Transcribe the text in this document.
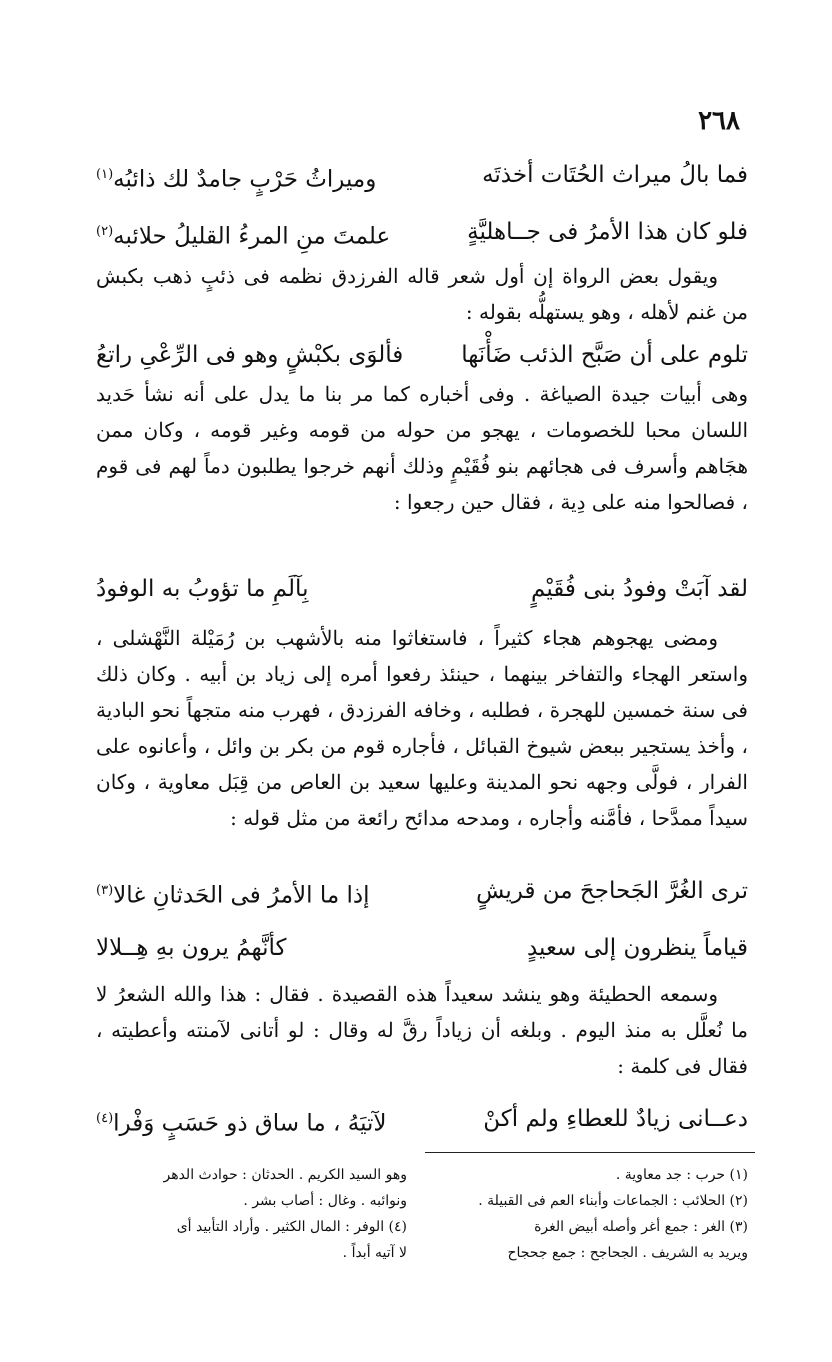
٢٦٨
فما بالُ ميراث الحُتَات أخذتَه
وميراثُ حَرْبٍ جامدٌ لك ذائبُه$^{(١)}$
فلو كان هذا الأمرُ فى جــاهليَّةٍ
علمتَ منِ المرءُ القليلُ حلائبه$^{(٢)}$

ويقول بعض الرواة إن أول شعر قاله الفرزدق نظمه فى ذئبٍ ذهب بكبش من غنم لأهله ، وهو يستهلُّه بقوله :

تلوم على أن صَبَّح الذئب ضَأْنَها
فألوَى بكبْشٍ وهو فى الرِّعْىِ راتعُ

وهى أبيات جيدة الصياغة . وفى أخباره كما مر بنا ما يدل على أنه نشأ حَديد اللسان محبا للخصومات ، يهجو من حوله من قومه وغير قومه ، وكان ممن هجَاهم وأسرف فى هجائهم بنو فُقَيْمٍ وذلك أنهم خرجوا يطلبون دماً لهم فى قوم ، فصالحوا منه على دِية ، فقال حين رجعوا :

لقد آبَتْ وفودُ بنى فُقَيْمٍ
بِآلَمِ ما تؤوبُ به الوفودُ

ومضى يهجوهم هجاء كثيراً ، فاستغاثوا منه بالأشهب بن رُمَيْلة النَّهْشلى ، واستعر الهجاء والتفاخر بينهما ، حينئذ رفعوا أمره إلى زياد بن أبيه . وكان ذلك فى سنة خمسين للهجرة ، فطلبه ، وخافه الفرزدق ، فهرب منه متجهاً نحو البادية ، وأخذ يستجير ببعض شيوخ القبائل ، فأجاره قوم من بكر بن وائل ، وأعانوه على الفرار ، فولَّى وجهه نحو المدينة وعليها سعيد بن العاص من قِبَل معاوية ، وكان سيداً ممدَّحا ، فأمَّنه وأجاره ، ومدحه مدائح رائعة من مثل قوله :

ترى الغُرَّ الجَحاجحَ من قريشٍ
إذا ما الأمرُ فى الحَدثانِ غالا$^{(٣)}$
قياماً ينظرون إلى سعيدٍ
كأنَّهمُ يرون بهِ هِــلالا

وسمعه الحطيئة وهو ينشد سعيداً هذه القصيدة . فقال : هذا والله الشعرُ لا ما نُعلَّل به منذ اليوم . وبلغه أن زياداً رقَّ له وقال : لو أتانى لآمنته وأعطيته ، فقال فى كلمة :

دعــانى زيادٌ للعطاءِ ولم أكنْ
لآتيَهُ ، ما ساق ذو حَسَبٍ وَفْرا$^{(٤)}$

(١) حرب : جد معاوية .

(٢) الحلائب : الجماعات وأبناء العم فى القبيلة .

(٣) الغر : جمع أغر وأصله أبيض الغرة

ويريد به الشريف . الجحاجح : جمع جحجاح

وهو السيد الكريم . الحدثان : حوادث الدهر

ونوائبه . وغال : أصاب بشر .

(٤) الوفر : المال الكثير . وأراد التأبيد أى

لا آتيه أبداً .
